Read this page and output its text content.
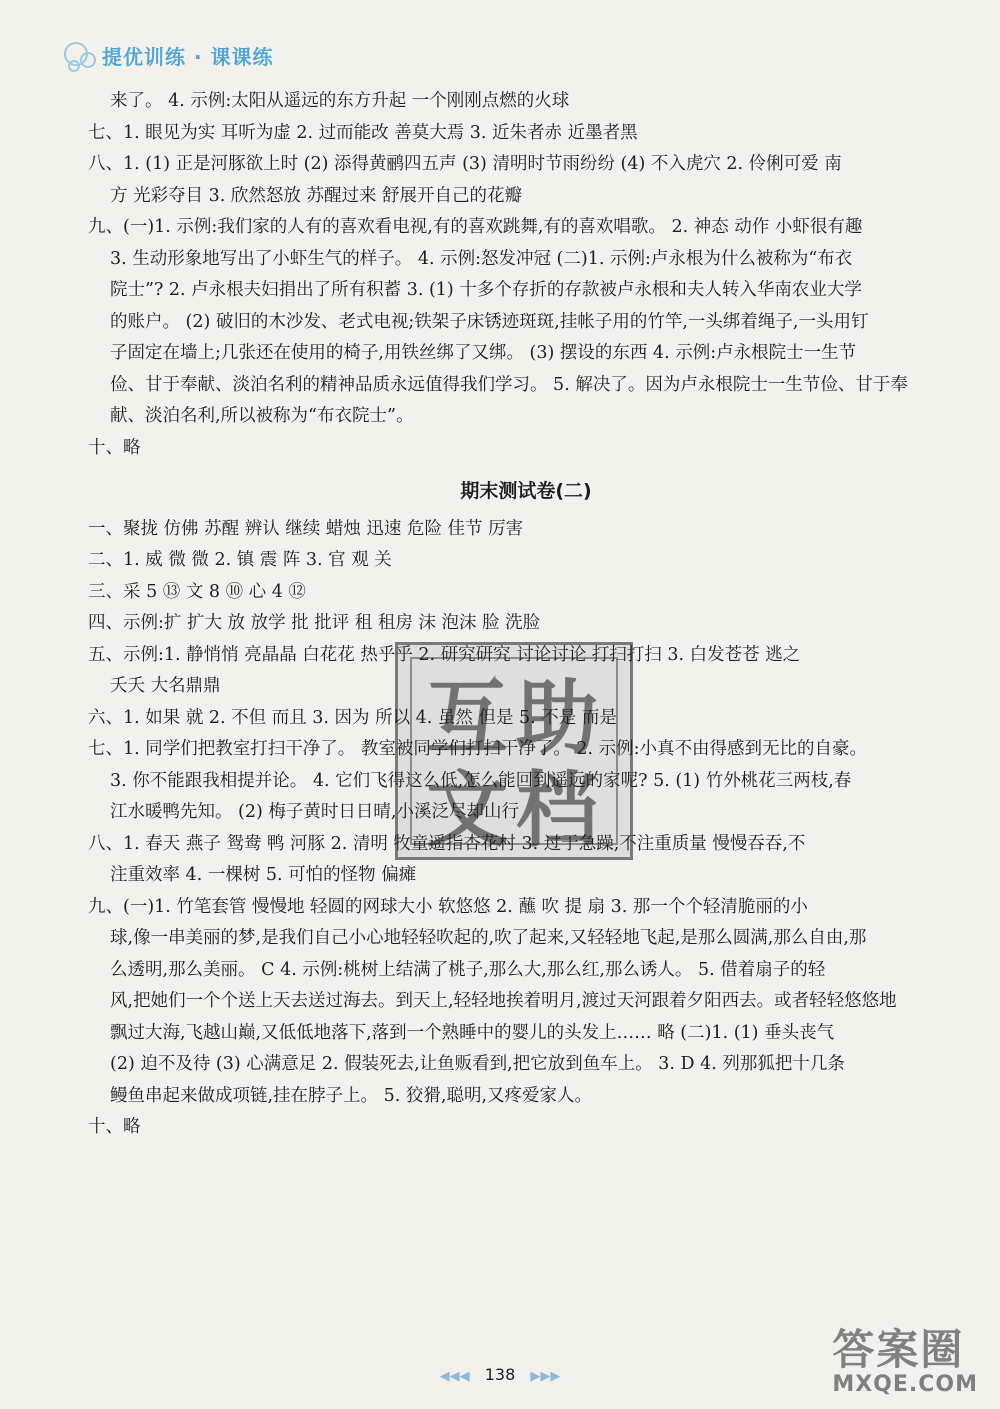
提优训练 · 课课练
来了。 4. 示例:太阳从遥远的东方升起 一个刚刚点燃的火球
七、1. 眼见为实 耳听为虚 2. 过而能改 善莫大焉 3. 近朱者赤 近墨者黑
八、1. (1) 正是河豚欲上时 (2) 添得黄鹂四五声 (3) 清明时节雨纷纷 (4) 不入虎穴 2. 伶俐可爱 南
方 光彩夺目 3. 欣然怒放 苏醒过来 舒展开自己的花瓣
九、(一)1. 示例:我们家的人有的喜欢看电视,有的喜欢跳舞,有的喜欢唱歌。 2. 神态 动作 小虾很有趣
3. 生动形象地写出了小虾生气的样子。 4. 示例:怒发冲冠 (二)1. 示例:卢永根为什么被称为“布衣
院士”? 2. 卢永根夫妇捐出了所有积蓄 3. (1) 十多个存折的存款被卢永根和夫人转入华南农业大学
的账户。 (2) 破旧的木沙发、老式电视;铁架子床锈迹斑斑,挂帐子用的竹竿,一头绑着绳子,一头用钉
子固定在墙上;几张还在使用的椅子,用铁丝绑了又绑。 (3) 摆设的东西 4. 示例:卢永根院士一生节
俭、甘于奉献、淡泊名利的精神品质永远值得我们学习。 5. 解决了。因为卢永根院士一生节俭、甘于奉
献、淡泊名利,所以被称为“布衣院士”。
十、略
期末测试卷(二)
一、聚拢 仿佛 苏醒 辨认 继续 蜡烛 迅速 危险 佳节 厉害
二、1. 威 微 微 2. 镇 震 阵 3. 官 观 关
三、采 5 ⑬ 文 8 ⑩ 心 4 ⑫
四、示例:扩 扩大 放 放学 批 批评 租 租房 沫 泡沫 脸 洗脸
五、示例:1. 静悄悄 亮晶晶 白花花 热乎乎 2. 研究研究 讨论讨论 打扫打扫 3. 白发苍苍 逃之
夭夭 大名鼎鼎
六、1. 如果 就 2. 不但 而且 3. 因为 所以 4. 虽然 但是 5. 不是 而是
七、1. 同学们把教室打扫干净了。 教室被同学们打扫干净了。 2. 示例:小真不由得感到无比的自豪。
3. 你不能跟我相提并论。 4. 它们飞得这么低,怎么能回到遥远的家呢? 5. (1) 竹外桃花三两枝,春
江水暖鸭先知。 (2) 梅子黄时日日晴,小溪泛尽却山行
八、1. 春天 燕子 鸳鸯 鸭 河豚 2. 清明 牧童遥指杏花村 3. 过于急躁,不注重质量 慢慢吞吞,不
注重效率 4. 一棵树 5. 可怕的怪物 偏瘫
九、(一)1. 竹笔套管 慢慢地 轻圆的网球大小 软悠悠 2. 蘸 吹 提 扇 3. 那一个个轻清脆丽的小
球,像一串美丽的梦,是我们自己小心地轻轻吹起的,吹了起来,又轻轻地飞起,是那么圆满,那么自由,那
么透明,那么美丽。 C 4. 示例:桃树上结满了桃子,那么大,那么红,那么诱人。 5. 借着扇子的轻
风,把她们一个个送上天去送过海去。到天上,轻轻地挨着明月,渡过天河跟着夕阳西去。或者轻轻悠悠地
飘过大海,飞越山巅,又低低地落下,落到一个熟睡中的婴儿的头发上…… 略 (二)1. (1) 垂头丧气
(2) 迫不及待 (3) 心满意足 2. 假装死去,让鱼贩看到,把它放到鱼车上。 3. D 4. 列那狐把十几条
鳗鱼串起来做成项链,挂在脖子上。 5. 狡猾,聪明,又疼爱家人。
十、略
互 助
文 档
◀◀◀ 138 ▶▶▶
答案圈
MXQE.COM
